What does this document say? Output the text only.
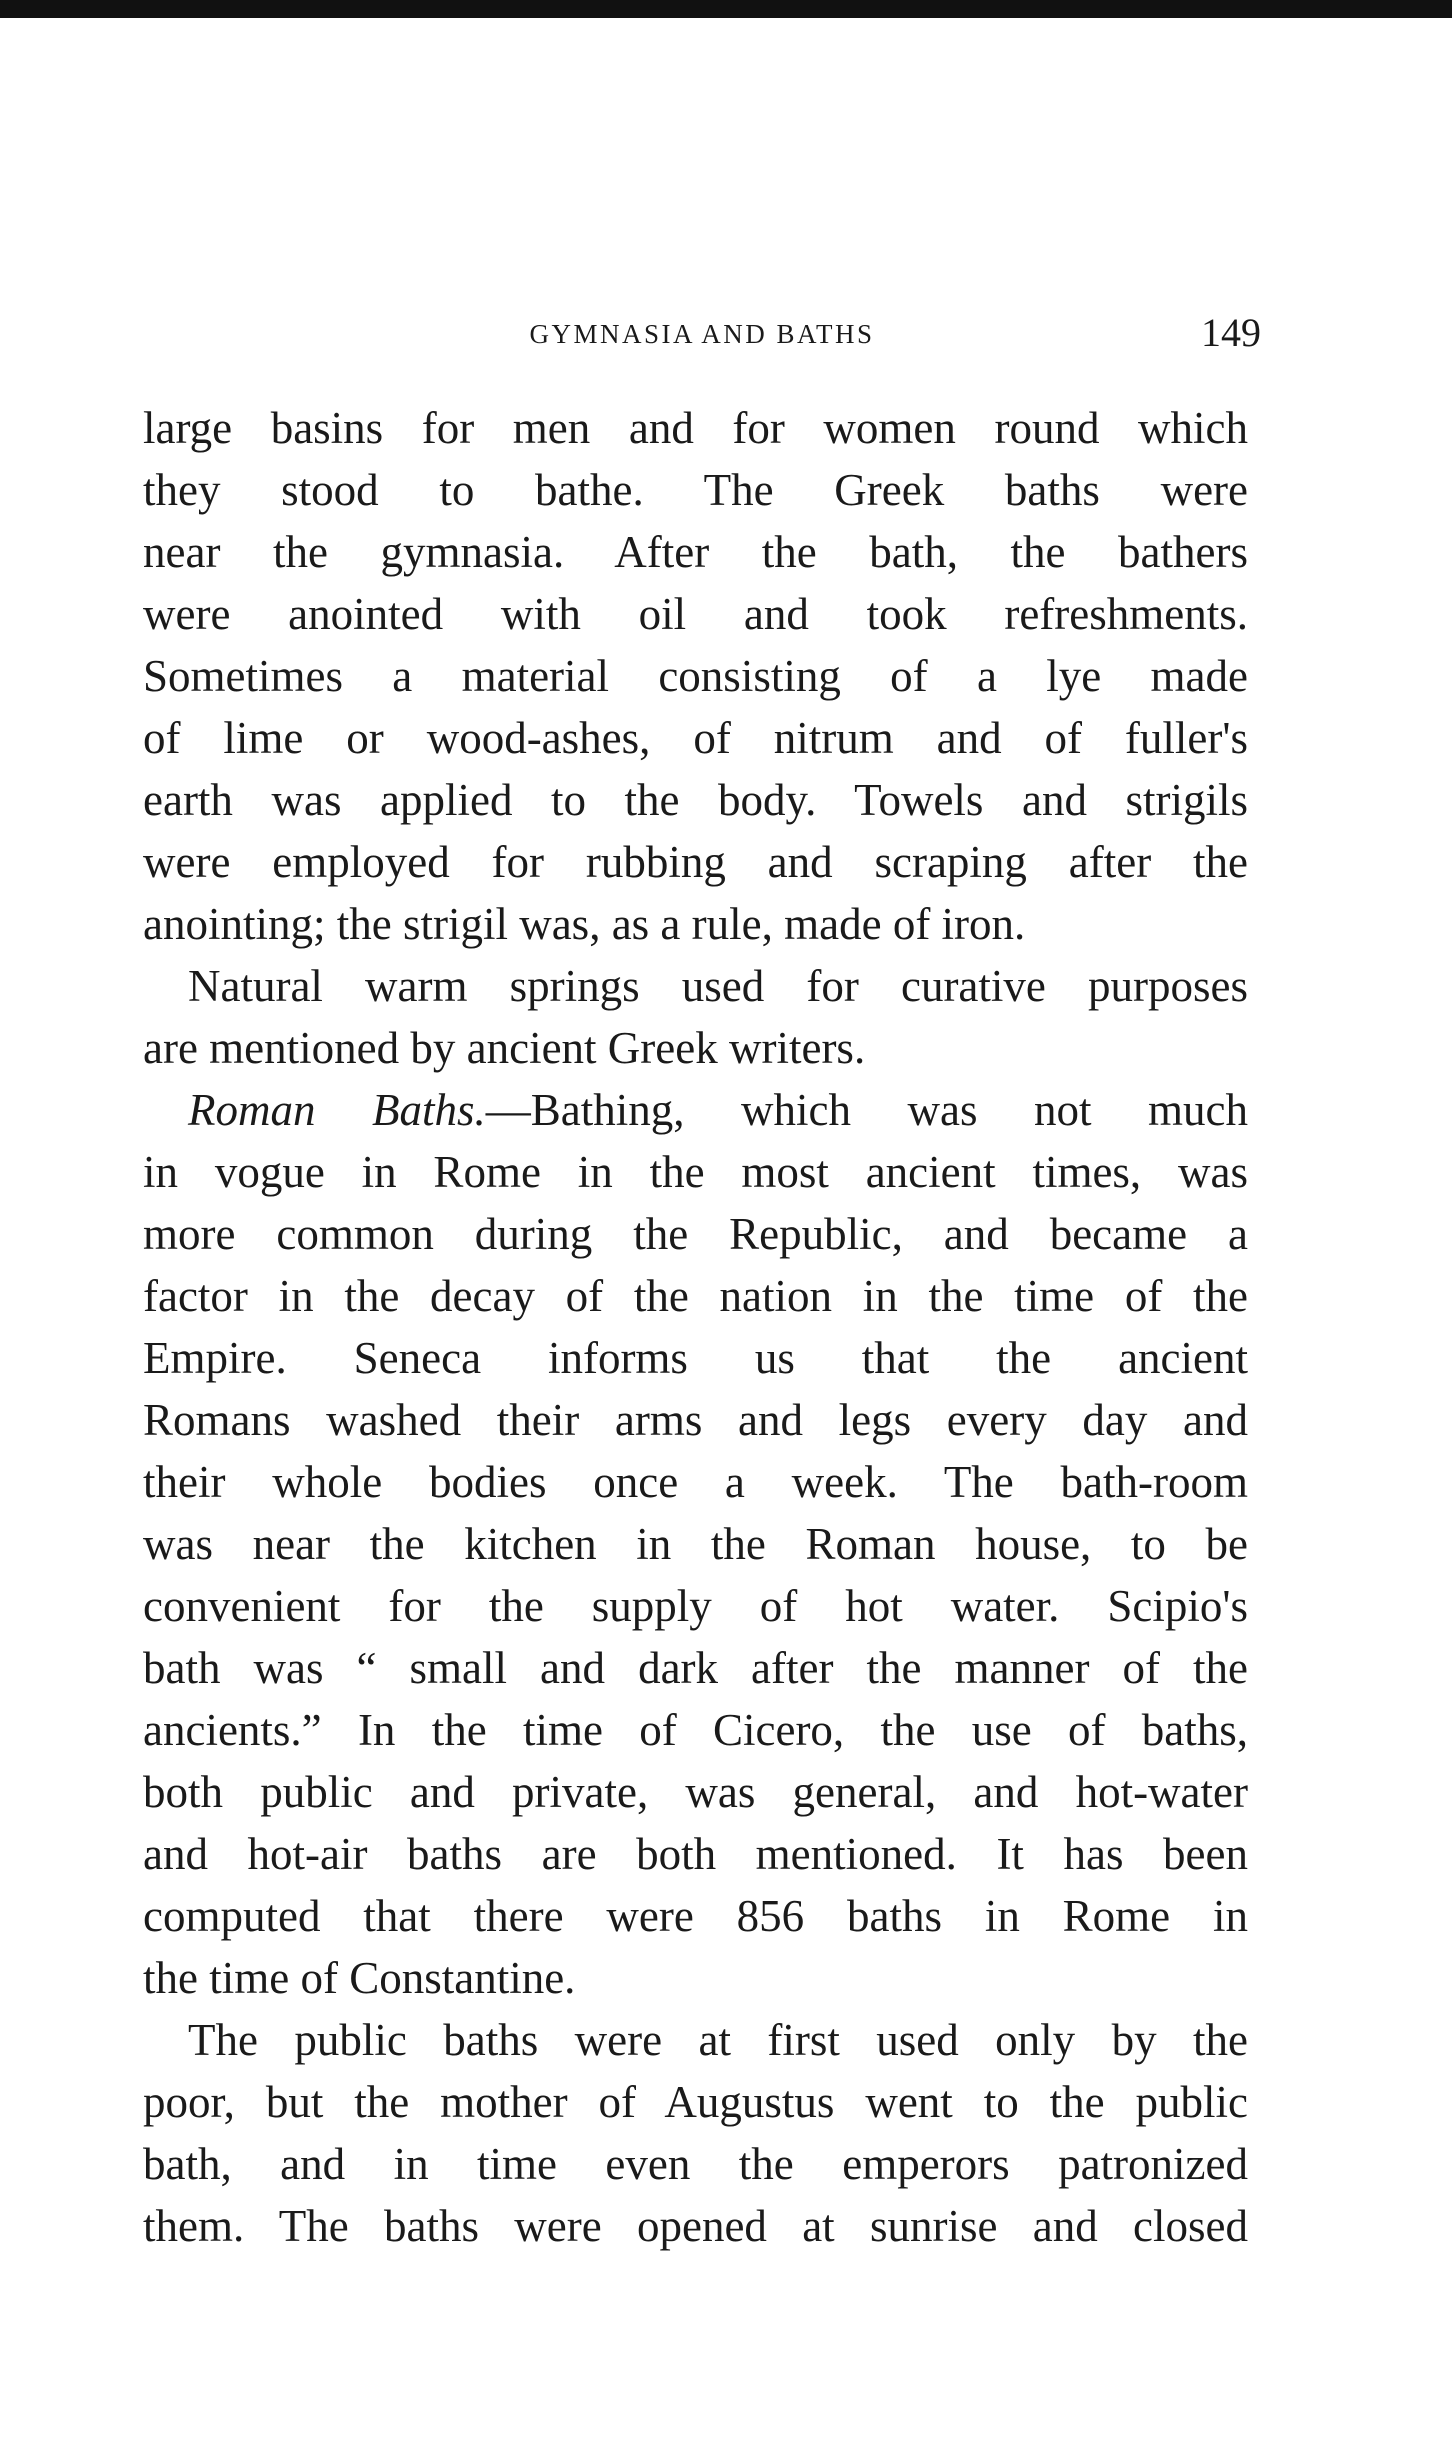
GYMNASIA AND BATHS	149
large basins for men and for women round which
they stood to bathe. The Greek baths were
near the gymnasia. After the bath, the bathers
were anointed with oil and took refreshments.
Sometimes a material consisting of a lye made
of lime or wood-ashes, of nitrum and of fuller's
earth was applied to the body. Towels and strigils
were employed for rubbing and scraping after the
anointing; the strigil was, as a rule, made of iron.
Natural warm springs used for curative purposes
are mentioned by ancient Greek writers.
Roman Baths.—Bathing, which was not much
in vogue in Rome in the most ancient times, was
more common during the Republic, and became a
factor in the decay of the nation in the time of the
Empire. Seneca informs us that the ancient
Romans washed their arms and legs every day and
their whole bodies once a week. The bath-room
was near the kitchen in the Roman house, to be
convenient for the supply of hot water. Scipio's
bath was “ small and dark after the manner of the
ancients.” In the time of Cicero, the use of baths,
both public and private, was general, and hot-water
and hot-air baths are both mentioned. It has been
computed that there were 856 baths in Rome in
the time of Constantine.
The public baths were at first used only by the
poor, but the mother of Augustus went to the public
bath, and in time even the emperors patronized
them. The baths were opened at sunrise and closed
